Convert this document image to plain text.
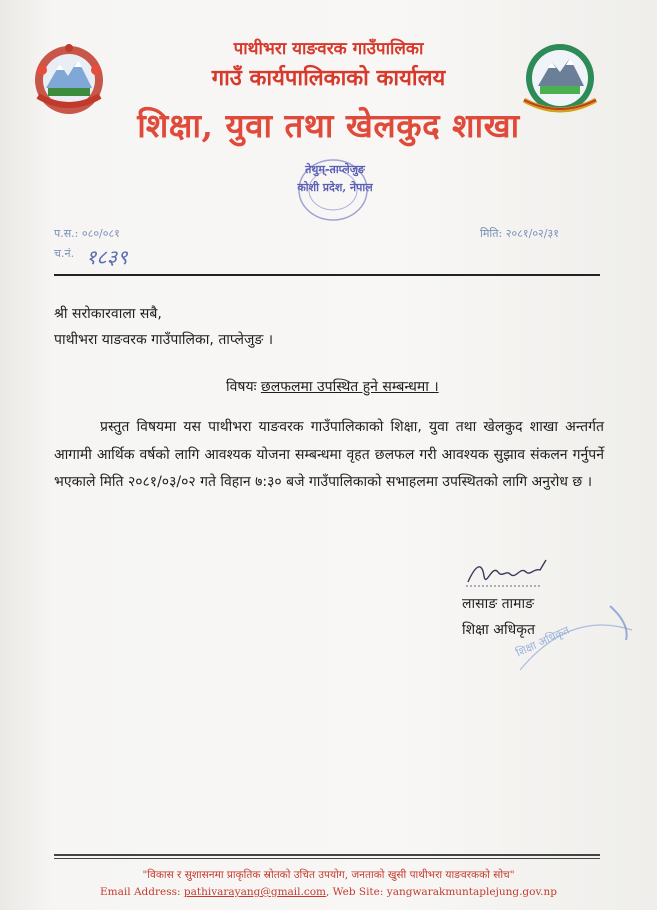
पाथीभरा याङवरक गाउँपालिका
गाउँ कार्यपालिकाको कार्यालय
शिक्षा, युवा तथा खेलकुद शाखा
तेथुम्-ताप्लेजुङ
कोशी प्रदेश, नेपाल
प.स.: ०८०/०८१
च.नं. १८३९
मिति: २०८१/०२/३१
श्री सरोकारवाला सबै,
पाथीभरा याङवरक गाउँपालिका, ताप्लेजुङ ।
विषयः छलफलमा उपस्थित हुने सम्बन्धमा ।
प्रस्तुत विषयमा यस पाथीभरा याङवरक गाउँपालिकाको शिक्षा, युवा तथा खेलकुद शाखा अन्तर्गत आगामी आर्थिक वर्षको लागि आवश्यक योजना सम्बन्धमा वृहत छलफल गरी आवश्यक सुझाव संकलन गर्नुपर्ने भएकाले मिति २०८१/०३/०२ गते विहान ७:३० बजे गाउँपालिकाको सभाहलमा उपस्थितको लागि अनुरोध छ ।
लासाङ तामाङ
शिक्षा अधिकृत
शिक्षा अधिकृत
"विकास र सुशासनमा प्राकृतिक स्रोतको उचित उपयोग, जनताको खुसी पाथीभरा याङवरकको सोच"
Email Address: pathivarayang@gmail.com, Web Site: yangwarakmuntaplejung.gov.np
